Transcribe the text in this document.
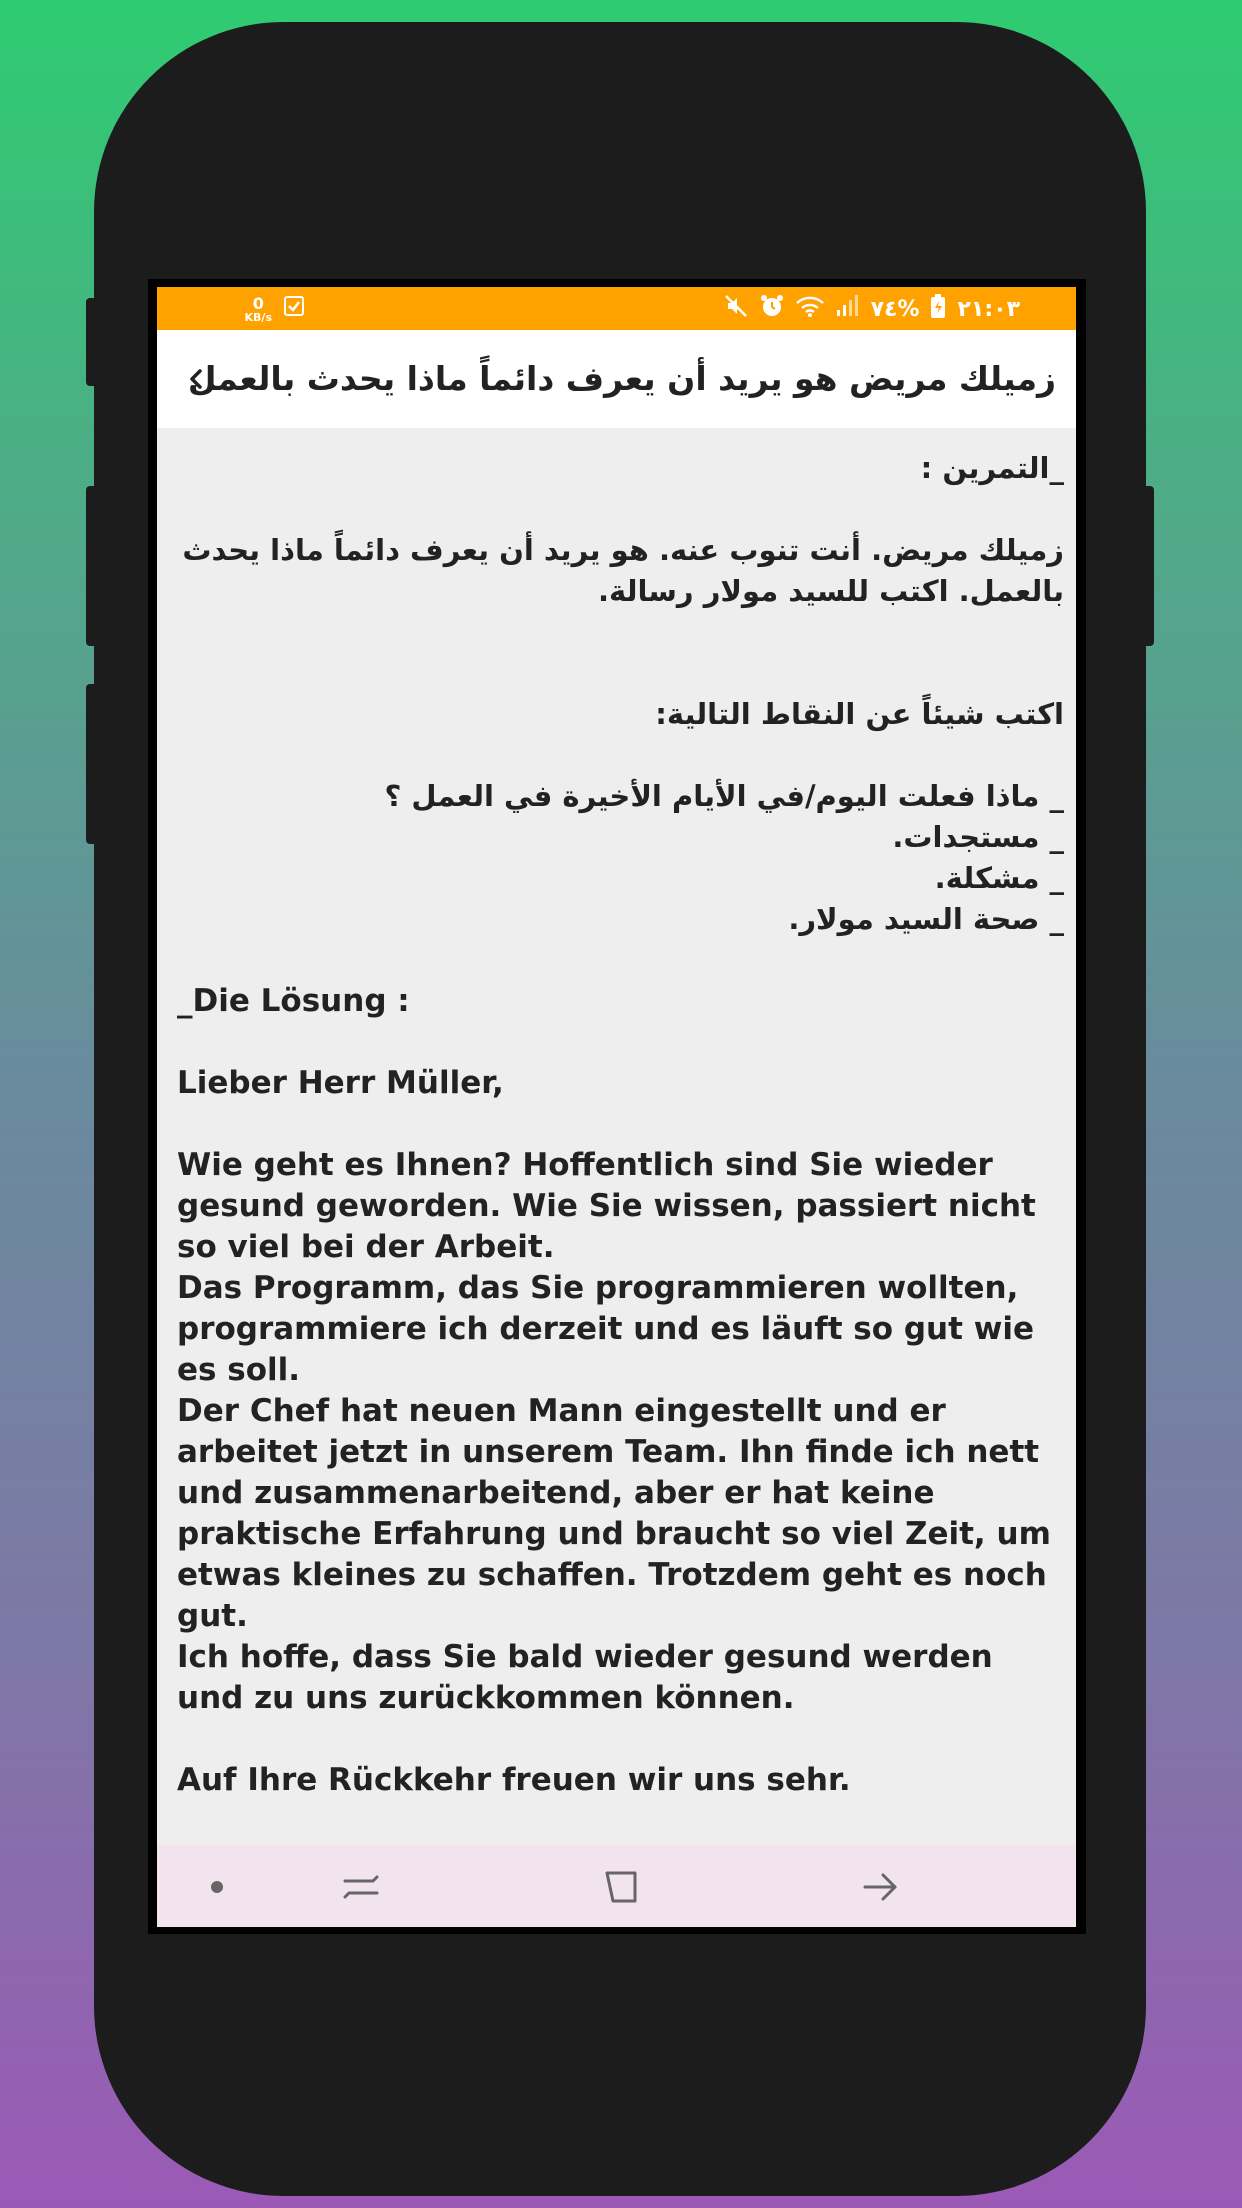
٧٤% ٢١:٠٣
0
KB/s
زميلك مريض هو يريد أن يعرف دائماً ماذا يحدث بالعمل
_التمرين :
زميلك مريض. أنت تنوب عنه. هو يريد أن يعرف دائماً ماذا يحدث بالعمل. اكتب للسيد مولار رسالة.
اكتب شيئاً عن النقاط التالية:
_ ماذا فعلت اليوم/في الأيام الأخيرة في العمل ؟
_ مستجدات.
_ مشكلة.
_ صحة السيد مولار.
_Die Lösung :
Lieber Herr Müller,

Wie geht es Ihnen? Hoffentlich sind Sie wieder gesund geworden. Wie Sie wissen, passiert nicht so viel bei der Arbeit.

Das Programm, das Sie programmieren wollten, programmiere ich derzeit und es läuft so gut wie es soll.

Der Chef hat neuen Mann eingestellt und er arbeitet jetzt in unserem Team. Ihn finde ich nett und zusammenarbeitend, aber er hat keine praktische Erfahrung und braucht so viel Zeit, um etwas kleines zu schaffen. Trotzdem geht es noch gut.

Ich hoffe, dass Sie bald wieder gesund werden und zu uns zurückkommen können.

Auf Ihre Rückkehr freuen wir uns sehr.
